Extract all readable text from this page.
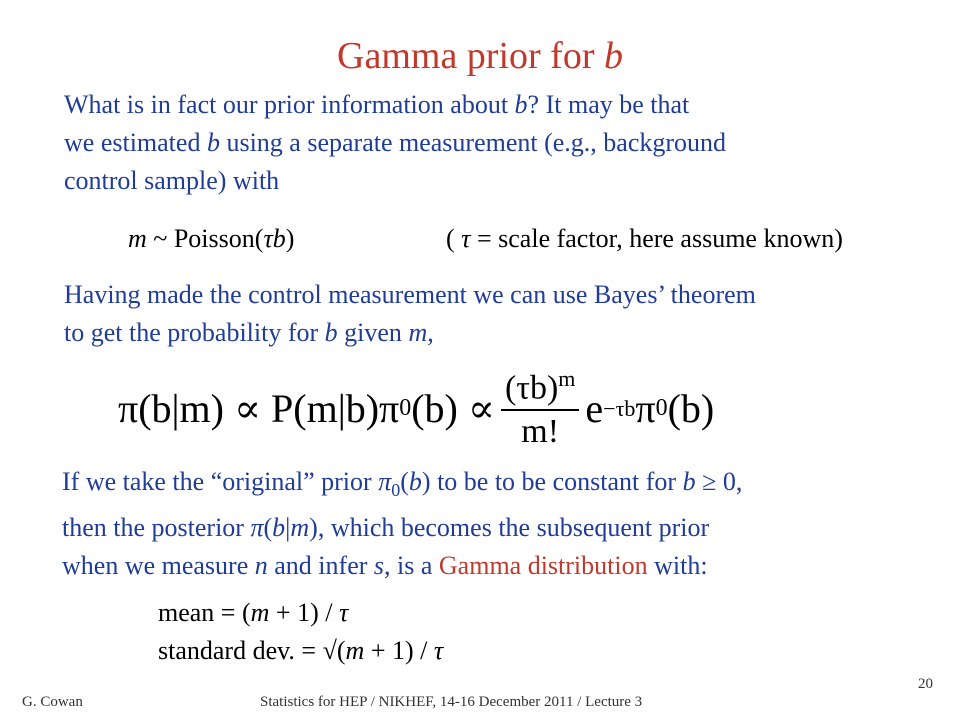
Gamma prior for b
What is in fact our prior information about b? It may be that
we estimated b using a separate measurement (e.g., background
control sample) with
m ~ Poisson(τb)	( τ = scale factor, here assume known)
Having made the control measurement we can use Bayes’ theorem
to get the probability for b given m,
π(b|m) ∝ P(m|b)π 0 $(b) \propto \frac{(\tau b)^m}{m!}$ e −τb π 0 (b)
If we take the “original” prior $\pi_0(b)$ to be to be constant for b ≥ 0,
then the posterior π(b|m), which becomes the subsequent prior
when we measure n and infer s, is a Gamma distribution with:
mean = (m + 1) / τ
standard dev. = √(m + 1) / τ
G. Cowan	Statistics for HEP / NIKHEF, 14-16 December 2011 / Lecture 3
20
